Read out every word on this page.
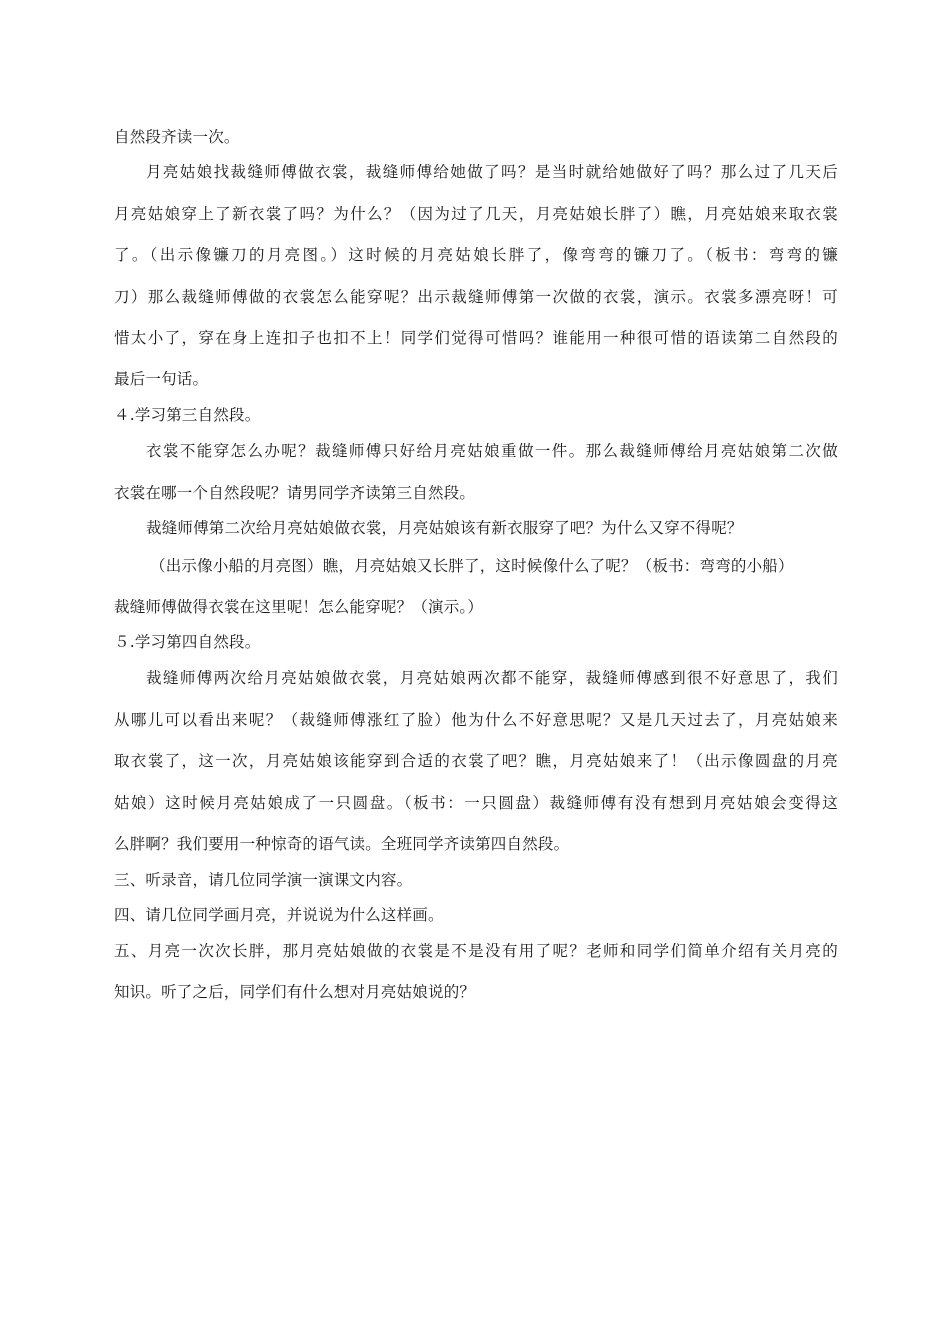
自然段齐读一次。
月亮姑娘找裁缝师傅做衣裳，裁缝师傅给她做了吗？是当时就给她做好了吗？那么过了几天后
月亮姑娘穿上了新衣裳了吗？为什么？（因为过了几天，月亮姑娘长胖了）瞧，月亮姑娘来取衣裳
了。（出示像镰刀的月亮图。）这时候的月亮姑娘长胖了，像弯弯的镰刀了。（板书：弯弯的镰
刀）那么裁缝师傅做的衣裳怎么能穿呢？出示裁缝师傅第一次做的衣裳，演示。衣裳多漂亮呀！可
惜太小了，穿在身上连扣子也扣不上！同学们觉得可惜吗？谁能用一种很可惜的语读第二自然段的
最后一句话。
４.学习第三自然段。
衣裳不能穿怎么办呢？裁缝师傅只好给月亮姑娘重做一件。那么裁缝师傅给月亮姑娘第二次做
衣裳在哪一个自然段呢？请男同学齐读第三自然段。
裁缝师傅第二次给月亮姑娘做衣裳，月亮姑娘该有新衣服穿了吧？为什么又穿不得呢？
（出示像小船的月亮图）瞧，月亮姑娘又长胖了，这时候像什么了呢？（板书：弯弯的小船）
裁缝师傅做得衣裳在这里呢！怎么能穿呢？（演示。）
５.学习第四自然段。
裁缝师傅两次给月亮姑娘做衣裳，月亮姑娘两次都不能穿，裁缝师傅感到很不好意思了，我们
从哪儿可以看出来呢？（裁缝师傅涨红了脸）他为什么不好意思呢？又是几天过去了，月亮姑娘来
取衣裳了，这一次，月亮姑娘该能穿到合适的衣裳了吧？瞧，月亮姑娘来了！（出示像圆盘的月亮
姑娘）这时候月亮姑娘成了一只圆盘。（板书：一只圆盘）裁缝师傅有没有想到月亮姑娘会变得这
么胖啊？我们要用一种惊奇的语气读。全班同学齐读第四自然段。
三、听录音，请几位同学演一演课文内容。
四、请几位同学画月亮，并说说为什么这样画。
五、月亮一次次长胖，那月亮姑娘做的衣裳是不是没有用了呢？老师和同学们简单介绍有关月亮的
知识。听了之后，同学们有什么想对月亮姑娘说的？
